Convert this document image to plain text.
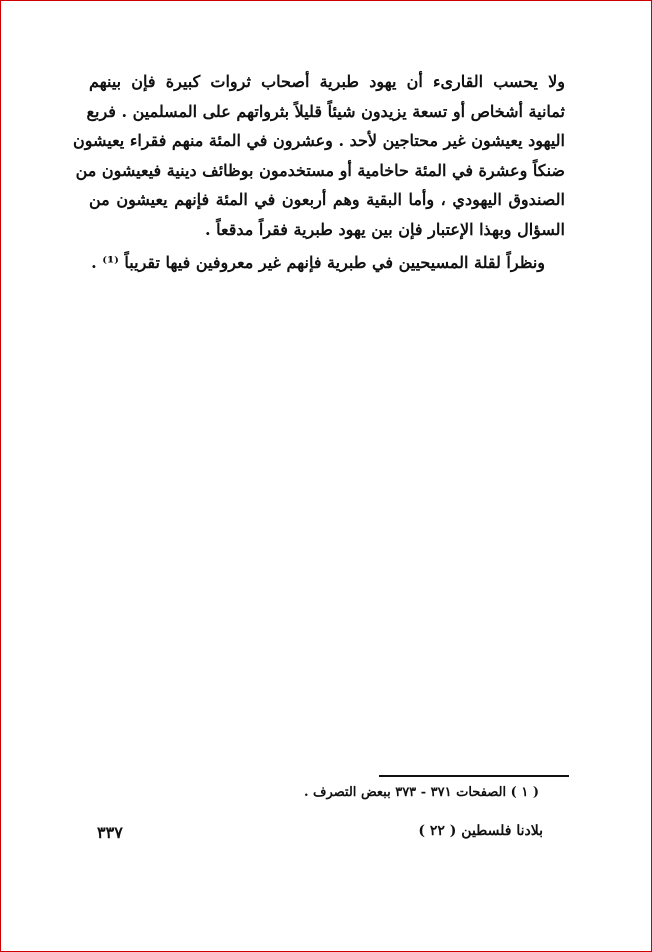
ولا يحسب القارىء أن يهود طبرية أصحاب ثروات كبيرة فإن بينهم
ثمانية أشخاص أو تسعة يزيدون شيئاً قليلاً بثرواتهم على المسلمين . فربع
اليهود يعيشون غير محتاجين لأحد . وعشرون في المئة منهم فقراء يعيشون
ضنكاً وعشرة في المئة حاخامية أو مستخدمون بوظائف دينية فيعيشون من
الصندوق اليهودي ، وأما البقية وهم أربعون في المئة فإنهم يعيشون من
السؤال وبهذا الإعتبار فإن بين يهود طبرية فقراً مدقعاً .

ونظراً لقلة المسيحيين في طبرية فإنهم غير معروفين فيها تقريباً ⁽¹⁾ .

( ١ ) الصفحات ٣٧١ - ٣٧٣ ببعض التصرف .
بلادنا فلسطين ( ٢٢ )
٣٣٧
